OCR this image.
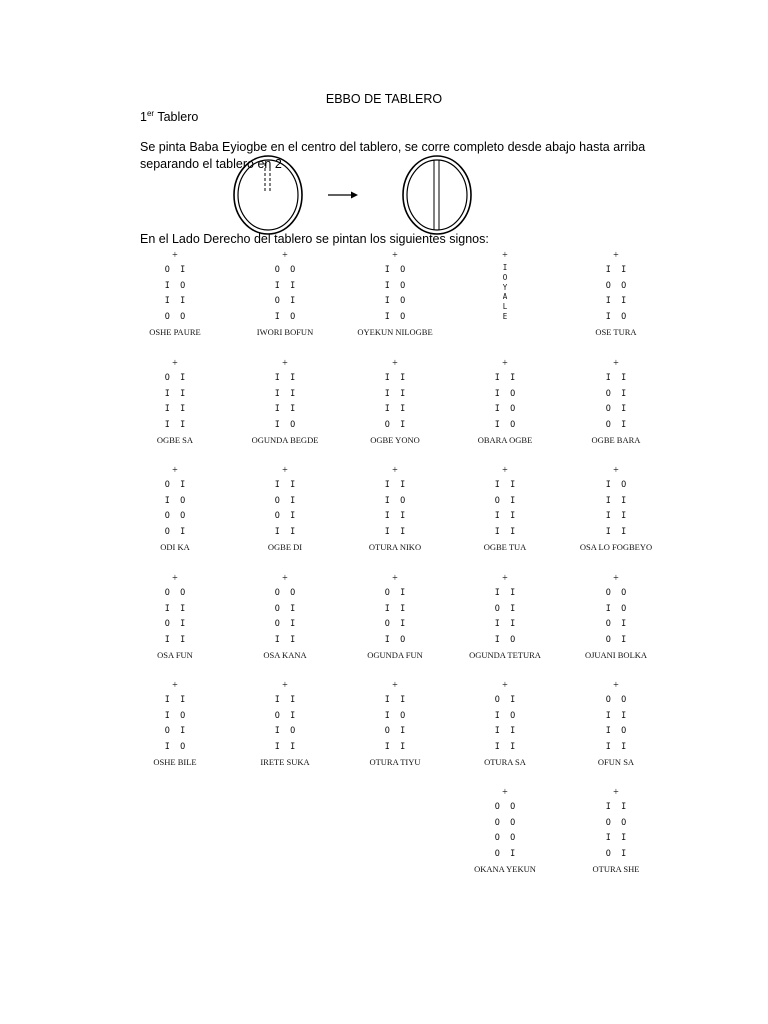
EBBO DE TABLERO
1er Tablero
Se pinta Baba Eyiogbe en el centro del tablero, se corre completo desde abajo hasta arriba separando el tablero en 2
En el Lado Derecho del tablero se pintan los siguientes signos:
+
O  I
I  O
I  I
O  O
OSHE PAURE
+
O  O
I  I
O  I
I  O
IWORI BOFUN
+
I  O
I  O
I  O
I  O
OYEKUN NILOGBE
+
I
O
Y
A
L
E
+
I  I
O  O
I  I
I  O
OSE TURA
+
O  I
I  I
I  I
I  I
OGBE SA
+
I  I
I  I
I  I
I  O
OGUNDA BEGDE
+
I  I
I  I
I  I
O  I
OGBE YONO
+
I  I
I  O
I  O
I  O
OBARA OGBE
+
I  I
O  I
O  I
O  I
OGBE BARA
+
O  I
I  O
O  O
O  I
ODI KA
+
I  I
O  I
O  I
I  I
OGBE DI
+
I  I
I  O
I  I
I  I
OTURA NIKO
+
I  I
O  I
I  I
I  I
OGBE TUA
+
I  O
I  I
I  I
I  I
OSA LO FOGBEYO
+
O  O
I  I
O  I
I  I
OSA FUN
+
O  O
O  I
O  I
I  I
OSA KANA
+
O  I
I  I
O  I
I  O
OGUNDA FUN
+
I  I
O  I
I  I
I  O
OGUNDA TETURA
+
O  O
I  O
O  I
O  I
OJUANI BOLKA
+
I  I
I  O
O  I
I  O
OSHE BILE
+
I  I
O  I
I  O
I  I
IRETE SUKA
+
I  I
I  O
O  I
I  I
OTURA TIYU
+
O  I
I  O
I  I
I  I
OTURA SA
+
O  O
I  I
I  O
I  I
OFUN SA
+
O  O
O  O
O  O
O  I
OKANA YEKUN
+
I  I
O  O
I  I
O  I
OTURA SHE
